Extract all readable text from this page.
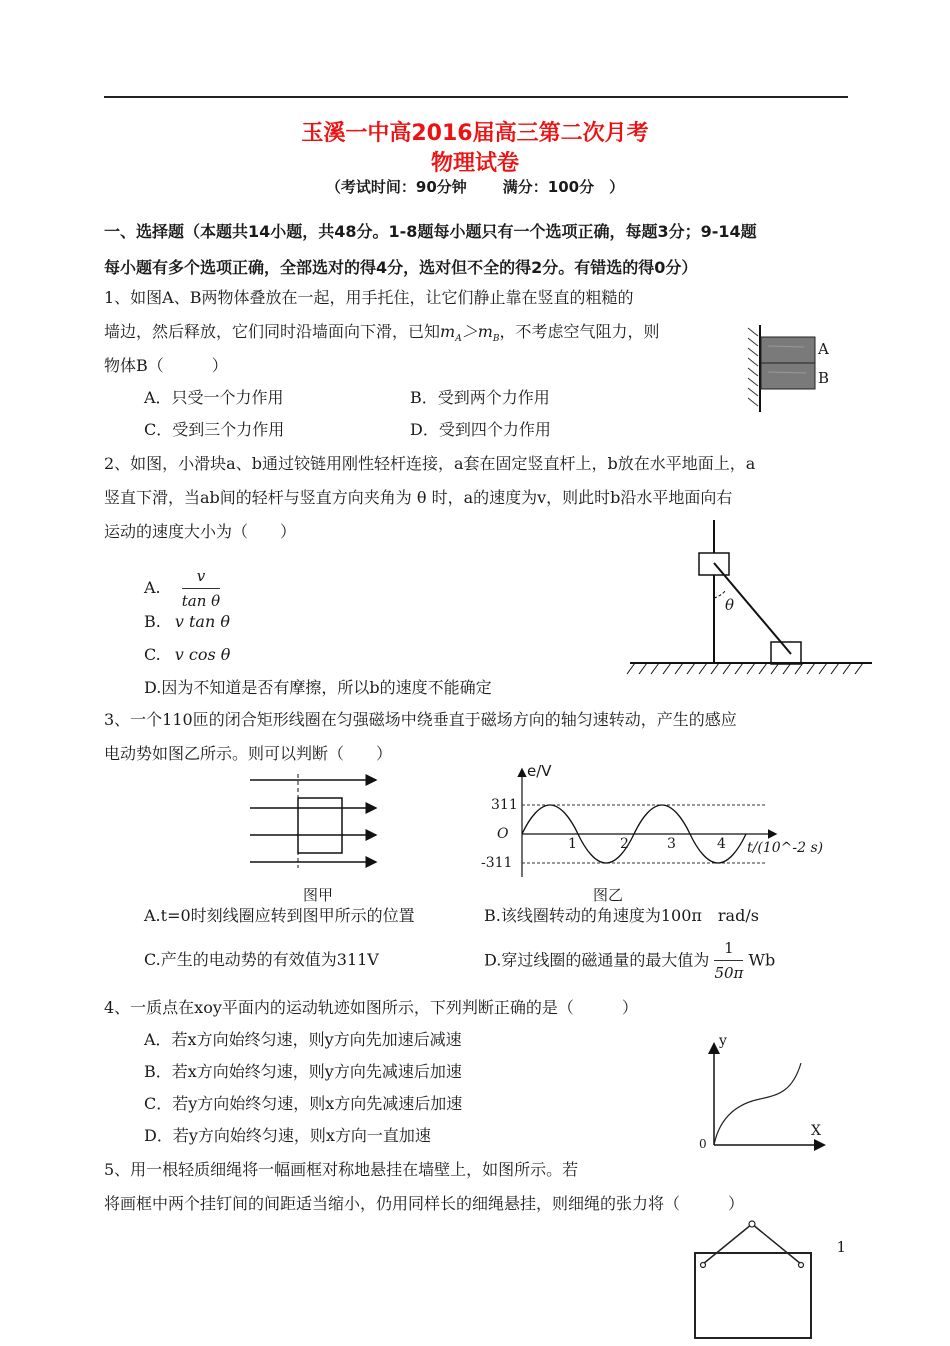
玉溪一中高2016届高三第二次月考
物理试卷
（考试时间：90分钟 满分：100分　）
一、选择题（本题共14小题，共48分。1-8题每小题只有一个选项正确，每题3分；9-14题
每小题有多个选项正确，全部选对的得4分，选对但不全的得2分。有错选的得0分）
1、如图A、B两物体叠放在一起，用手托住，让它们静止靠在竖直的粗糙的
墙边，然后释放，它们同时沿墙面向下滑，已知$m_A>m_B$，不考虑空气阻力，则
物体B（　　　）
A．只受一个力作用	B．受到两个力作用
C．受到三个力作用	D．受到四个力作用
A
B
2、如图，小滑块a、b通过铰链用刚性轻杆连接，a套在固定竖直杆上，b放在水平地面上，a
竖直下滑，当ab间的轻杆与竖直方向夹角为 θ 时，a的速度为v，则此时b沿水平地面向右
运动的速度大小为（　　）
A. $\frac{v}{\text{tan θ}}$
B. v tan θ
C. v cos θ
D.因为不知道是否有摩擦，所以b的速度不能确定
θ
3、一个110匝的闭合矩形线圈在匀强磁场中绕垂直于磁场方向的轴匀速转动，产生的感应
电动势如图乙所示。则可以判断（　　）
图甲
e/V
311
O
-311
1	2	3	4 t/(10^-2 s)
图乙
A.t=0时刻线圈应转到图甲所示的位置	B.该线圈转动的角速度为100π　rad/s
C.产生的电动势的有效值为311V	D.穿过线圈的磁通量的最大值为 $\frac{1}{50\pi}$ Wb
4、一质点在xoy平面内的运动轨迹如图所示，下列判断正确的是（　　　）
A．若x方向始终匀速，则y方向先加速后减速
B．若x方向始终匀速，则y方向先减速后加速
C．若y方向始终匀速，则x方向先减速后加速
D．若y方向始终匀速，则x方向一直加速
y
X
0
5、用一根轻质细绳将一幅画框对称地悬挂在墙壁上，如图所示。若
将画框中两个挂钉间的间距适当缩小，仍用同样长的细绳悬挂，则细绳的张力将（　　　）
1
